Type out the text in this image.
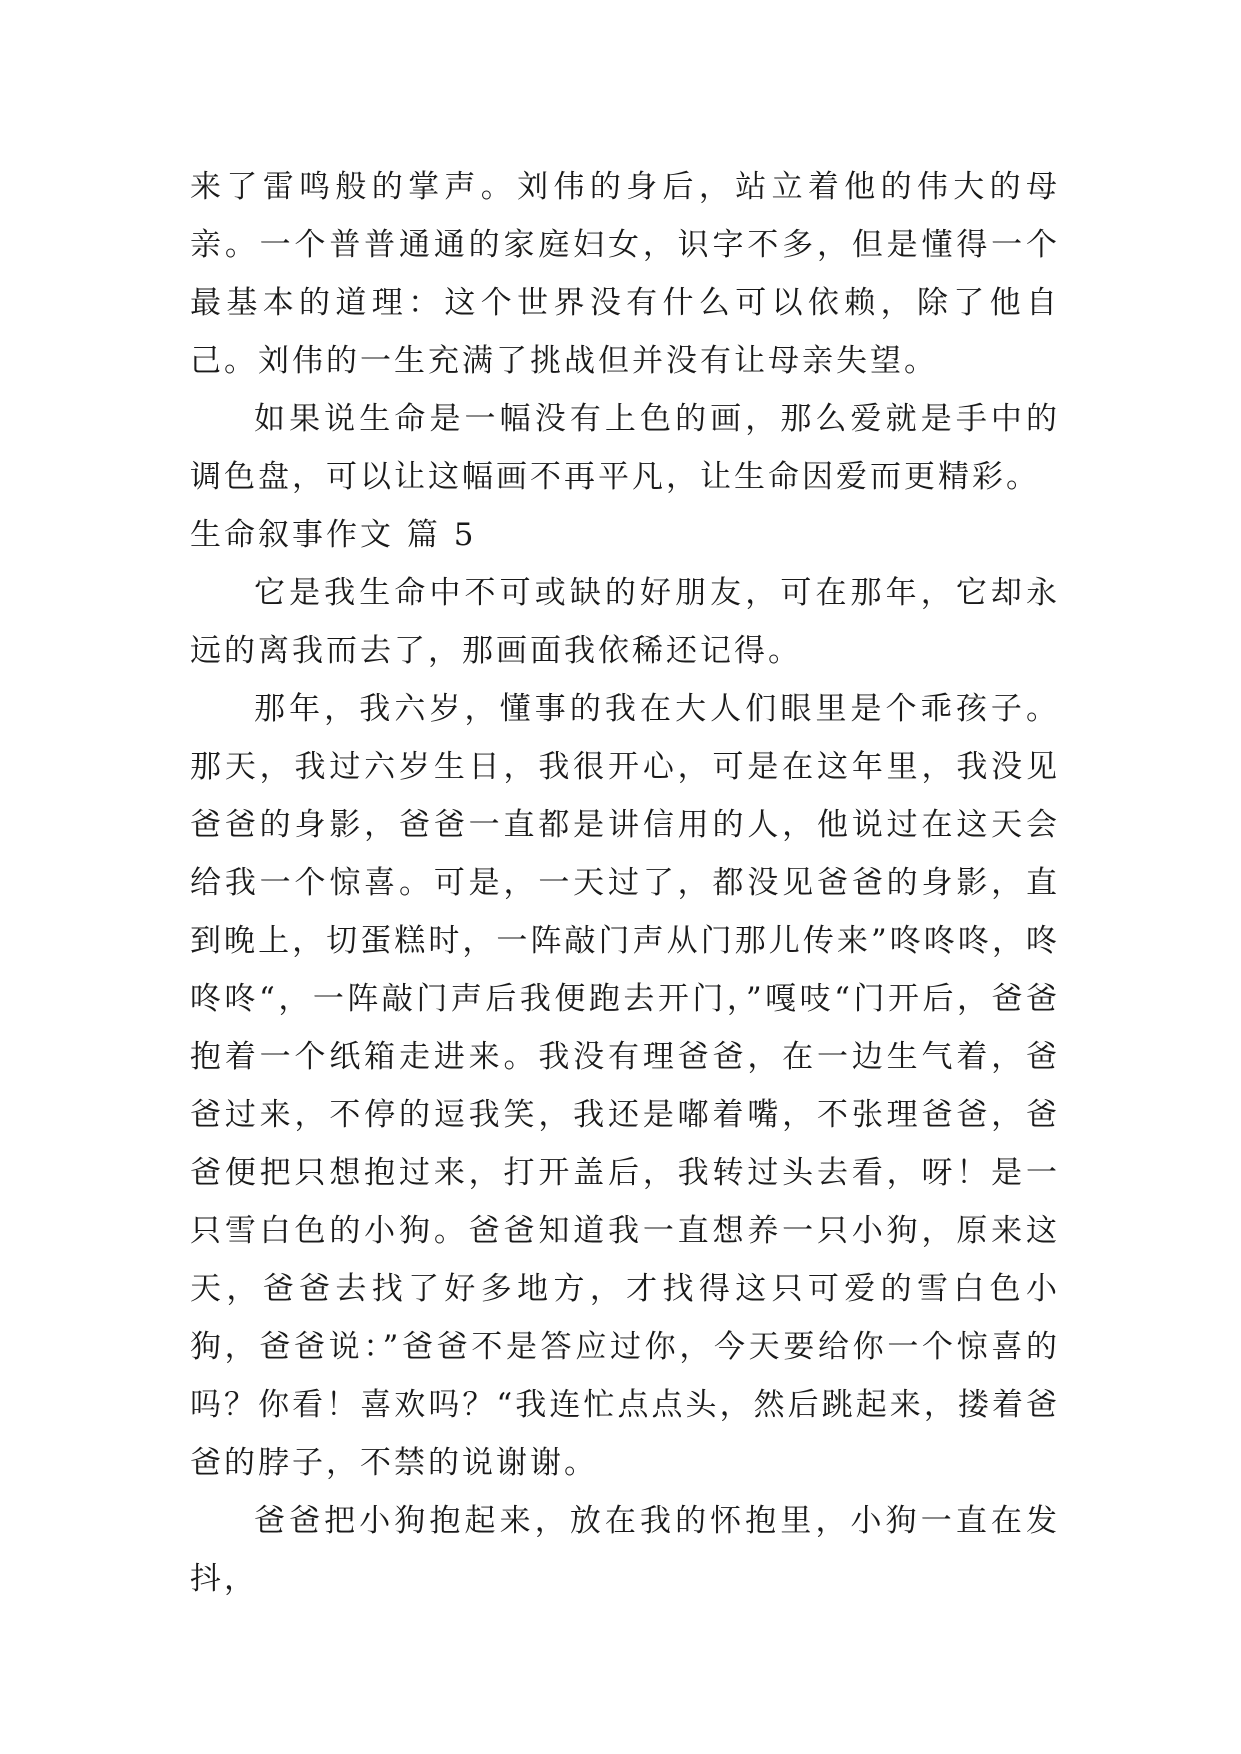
来了雷鸣般的掌声。刘伟的身后，站立着他的伟大的母亲。一个普普通通的家庭妇女，识字不多，但是懂得一个最基本的道理：这个世界没有什么可以依赖，除了他自己。刘伟的一生充满了挑战但并没有让母亲失望。

如果说生命是一幅没有上色的画，那么爱就是手中的调色盘，可以让这幅画不再平凡，让生命因爱而更精彩。

生命叙事作文 篇 5

它是我生命中不可或缺的好朋友，可在那年，它却永远的离我而去了，那画面我依稀还记得。

那年，我六岁，懂事的我在大人们眼里是个乖孩子。那天，我过六岁生日，我很开心，可是在这年里，我没见爸爸的身影，爸爸一直都是讲信用的人，他说过在这天会给我一个惊喜。可是，一天过了，都没见爸爸的身影，直到晚上，切蛋糕时，一阵敲门声从门那儿传来”咚咚咚，咚咚咚“，一阵敲门声后我便跑去开门，”嘎吱“门开后，爸爸抱着一个纸箱走进来。我没有理爸爸，在一边生气着，爸爸过来，不停的逗我笑，我还是嘟着嘴，不张理爸爸，爸爸便把只想抱过来，打开盖后，我转过头去看，呀！是一只雪白色的小狗。爸爸知道我一直想养一只小狗，原来这天，爸爸去找了好多地方，才找得这只可爱的雪白色小狗，爸爸说：”爸爸不是答应过你，今天要给你一个惊喜的吗？你看！喜欢吗？“我连忙点点头，然后跳起来，搂着爸爸的脖子，不禁的说谢谢。

爸爸把小狗抱起来，放在我的怀抱里，小狗一直在发抖，
